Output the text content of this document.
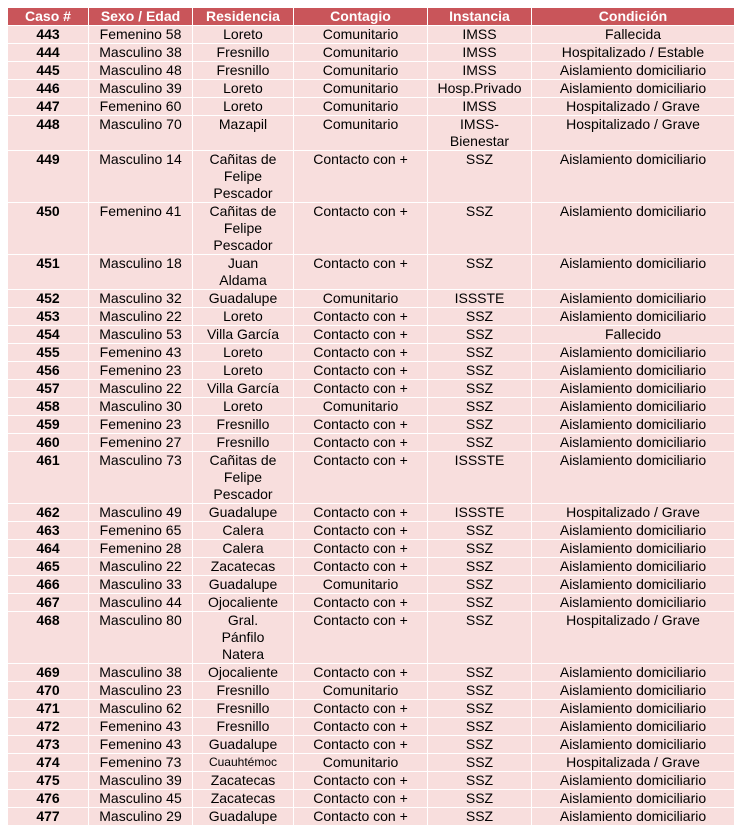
Caso #	Sexo / Edad	Residencia	Contagio	Instancia	Condición
443	Femenino 58	Loreto	Comunitario	IMSS	Fallecida
444	Masculino 38	Fresnillo	Comunitario	IMSS	Hospitalizado / Estable
445	Masculino 48	Fresnillo	Comunitario	IMSS	Aislamiento domiciliario
446	Masculino 39	Loreto	Comunitario	Hosp.Privado	Aislamiento domiciliario
447	Femenino 60	Loreto	Comunitario	IMSS	Hospitalizado / Grave
448	Masculino 70	Mazapil	Comunitario	IMSS-
Bienestar	Hospitalizado / Grave
449	Masculino 14	Cañitas de
Felipe
Pescador	Contacto con +	SSZ	Aislamiento domiciliario
450	Femenino 41	Cañitas de
Felipe
Pescador	Contacto con +	SSZ	Aislamiento domiciliario
451	Masculino 18	Juan
Aldama	Contacto con +	SSZ	Aislamiento domiciliario
452	Masculino 32	Guadalupe	Comunitario	ISSSTE	Aislamiento domiciliario
453	Masculino 22	Loreto	Contacto con +	SSZ	Aislamiento domiciliario
454	Masculino 53	Villa García	Contacto con +	SSZ	Fallecido
455	Femenino 43	Loreto	Contacto con +	SSZ	Aislamiento domiciliario
456	Femenino 23	Loreto	Contacto con +	SSZ	Aislamiento domiciliario
457	Masculino 22	Villa García	Contacto con +	SSZ	Aislamiento domiciliario
458	Masculino 30	Loreto	Comunitario	SSZ	Aislamiento domiciliario
459	Femenino 23	Fresnillo	Contacto con +	SSZ	Aislamiento domiciliario
460	Femenino 27	Fresnillo	Contacto con +	SSZ	Aislamiento domiciliario
461	Masculino 73	Cañitas de
Felipe
Pescador	Contacto con +	ISSSTE	Aislamiento domiciliario
462	Masculino 49	Guadalupe	Contacto con +	ISSSTE	Hospitalizado / Grave
463	Femenino 65	Calera	Contacto con +	SSZ	Aislamiento domiciliario
464	Femenino 28	Calera	Contacto con +	SSZ	Aislamiento domiciliario
465	Masculino 22	Zacatecas	Contacto con +	SSZ	Aislamiento domiciliario
466	Masculino 33	Guadalupe	Comunitario	SSZ	Aislamiento domiciliario
467	Masculino 44	Ojocaliente	Contacto con +	SSZ	Aislamiento domiciliario
468	Masculino 80	Gral.
Pánfilo
Natera	Contacto con +	SSZ	Hospitalizado / Grave
469	Masculino 38	Ojocaliente	Contacto con +	SSZ	Aislamiento domiciliario
470	Masculino 23	Fresnillo	Comunitario	SSZ	Aislamiento domiciliario
471	Masculino 62	Fresnillo	Contacto con +	SSZ	Aislamiento domiciliario
472	Femenino 43	Fresnillo	Contacto con +	SSZ	Aislamiento domiciliario
473	Femenino 43	Guadalupe	Contacto con +	SSZ	Aislamiento domiciliario
474	Femenino 73	Cuauhtémoc	Comunitario	SSZ	Hospitalizada / Grave
475	Masculino 39	Zacatecas	Contacto con +	SSZ	Aislamiento domiciliario
476	Masculino 45	Zacatecas	Contacto con +	SSZ	Aislamiento domiciliario
477	Masculino 29	Guadalupe	Contacto con +	SSZ	Aislamiento domiciliario
